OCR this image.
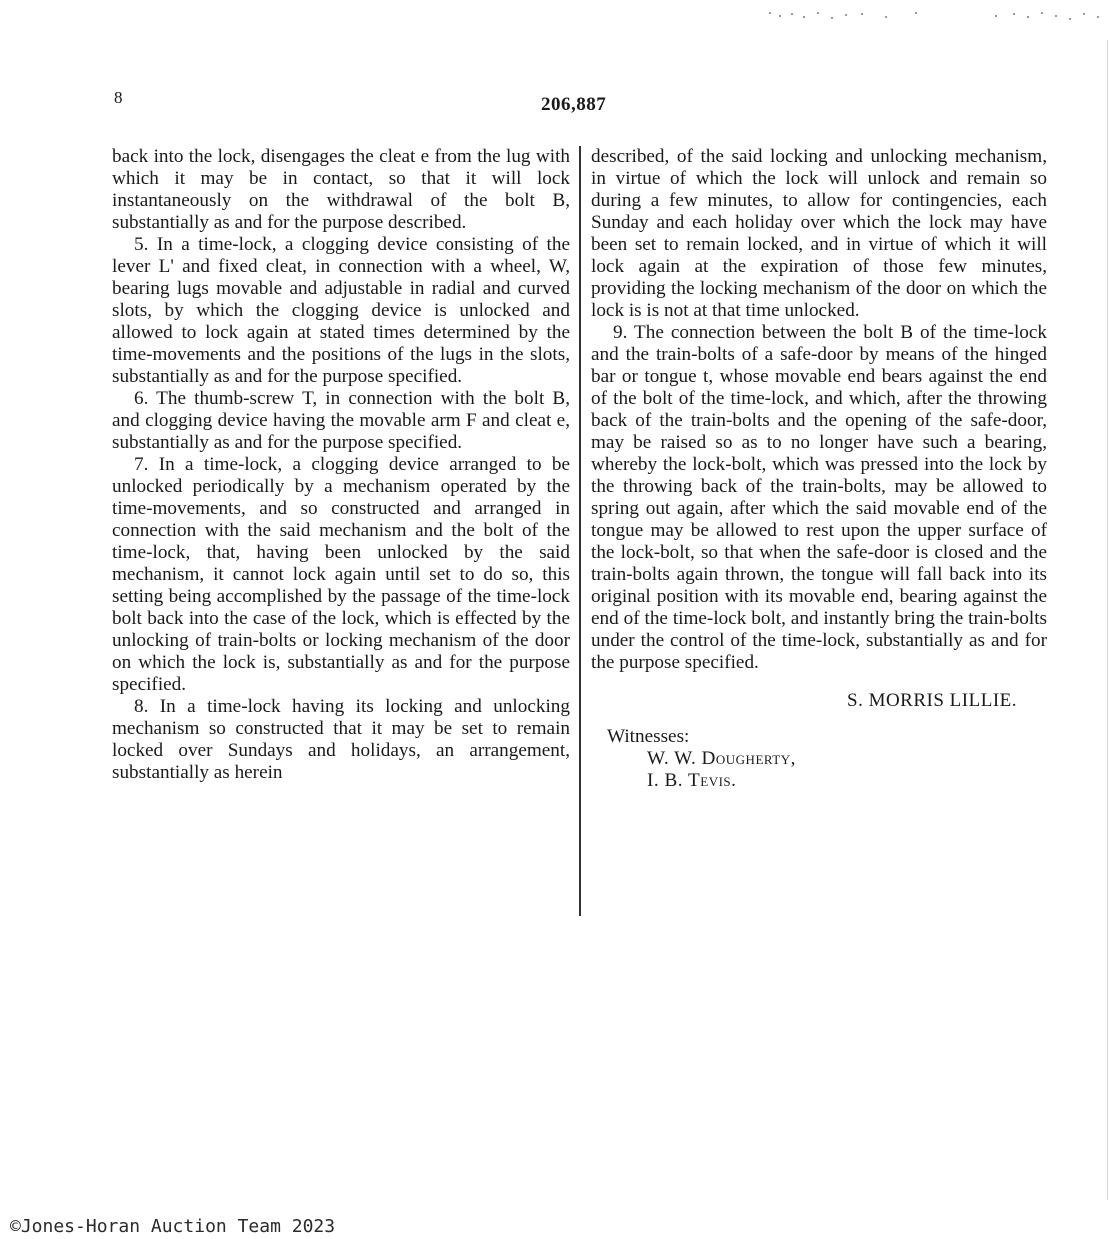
8	206,887

back into the lock, disengages the cleat e from the lug with which it may be in contact, so that it will lock instantaneously on the withdrawal of the bolt B, substantially as and for the purpose described.

5. In a time-lock, a clogging device consisting of the lever L' and fixed cleat, in connection with a wheel, W, bearing lugs movable and adjustable in radial and curved slots, by which the clogging device is unlocked and allowed to lock again at stated times determined by the time-movements and the positions of the lugs in the slots, substantially as and for the purpose specified.

6. The thumb-screw T, in connection with the bolt B, and clogging device having the movable arm F and cleat e, substantially as and for the purpose specified.

7. In a time-lock, a clogging device arranged to be unlocked periodically by a mechanism operated by the time-movements, and so constructed and arranged in connection with the said mechanism and the bolt of the time-lock, that, having been unlocked by the said mechanism, it cannot lock again until set to do so, this setting being accomplished by the passage of the time-lock bolt back into the case of the lock, which is effected by the unlocking of train-bolts or locking mechanism of the door on which the lock is, substantially as and for the purpose specified.

8. In a time-lock having its locking and unlocking mechanism so constructed that it may be set to remain locked over Sundays and holidays, an arrangement, substantially as herein

described, of the said locking and unlocking mechanism, in virtue of which the lock will unlock and remain so during a few minutes, to allow for contingencies, each Sunday and each holiday over which the lock may have been set to remain locked, and in virtue of which it will lock again at the expiration of those few minutes, providing the locking mechanism of the door on which the lock is is not at that time unlocked.

9. The connection between the bolt B of the time-lock and the train-bolts of a safe-door by means of the hinged bar or tongue t, whose movable end bears against the end of the bolt of the time-lock, and which, after the throwing back of the train-bolts and the opening of the safe-door, may be raised so as to no longer have such a bearing, whereby the lock-bolt, which was pressed into the lock by the throwing back of the train-bolts, may be allowed to spring out again, after which the said movable end of the tongue may be allowed to rest upon the upper surface of the lock-bolt, so that when the safe-door is closed and the train-bolts again thrown, the tongue will fall back into its original position with its movable end, bearing against the end of the time-lock bolt, and instantly bring the train-bolts under the control of the time-lock, substantially as and for the purpose specified.

S. MORRIS LILLIE.
Witnesses:
W. W. Dougherty,
I. B. Tevis.
©Jones-Horan Auction Team 2023
